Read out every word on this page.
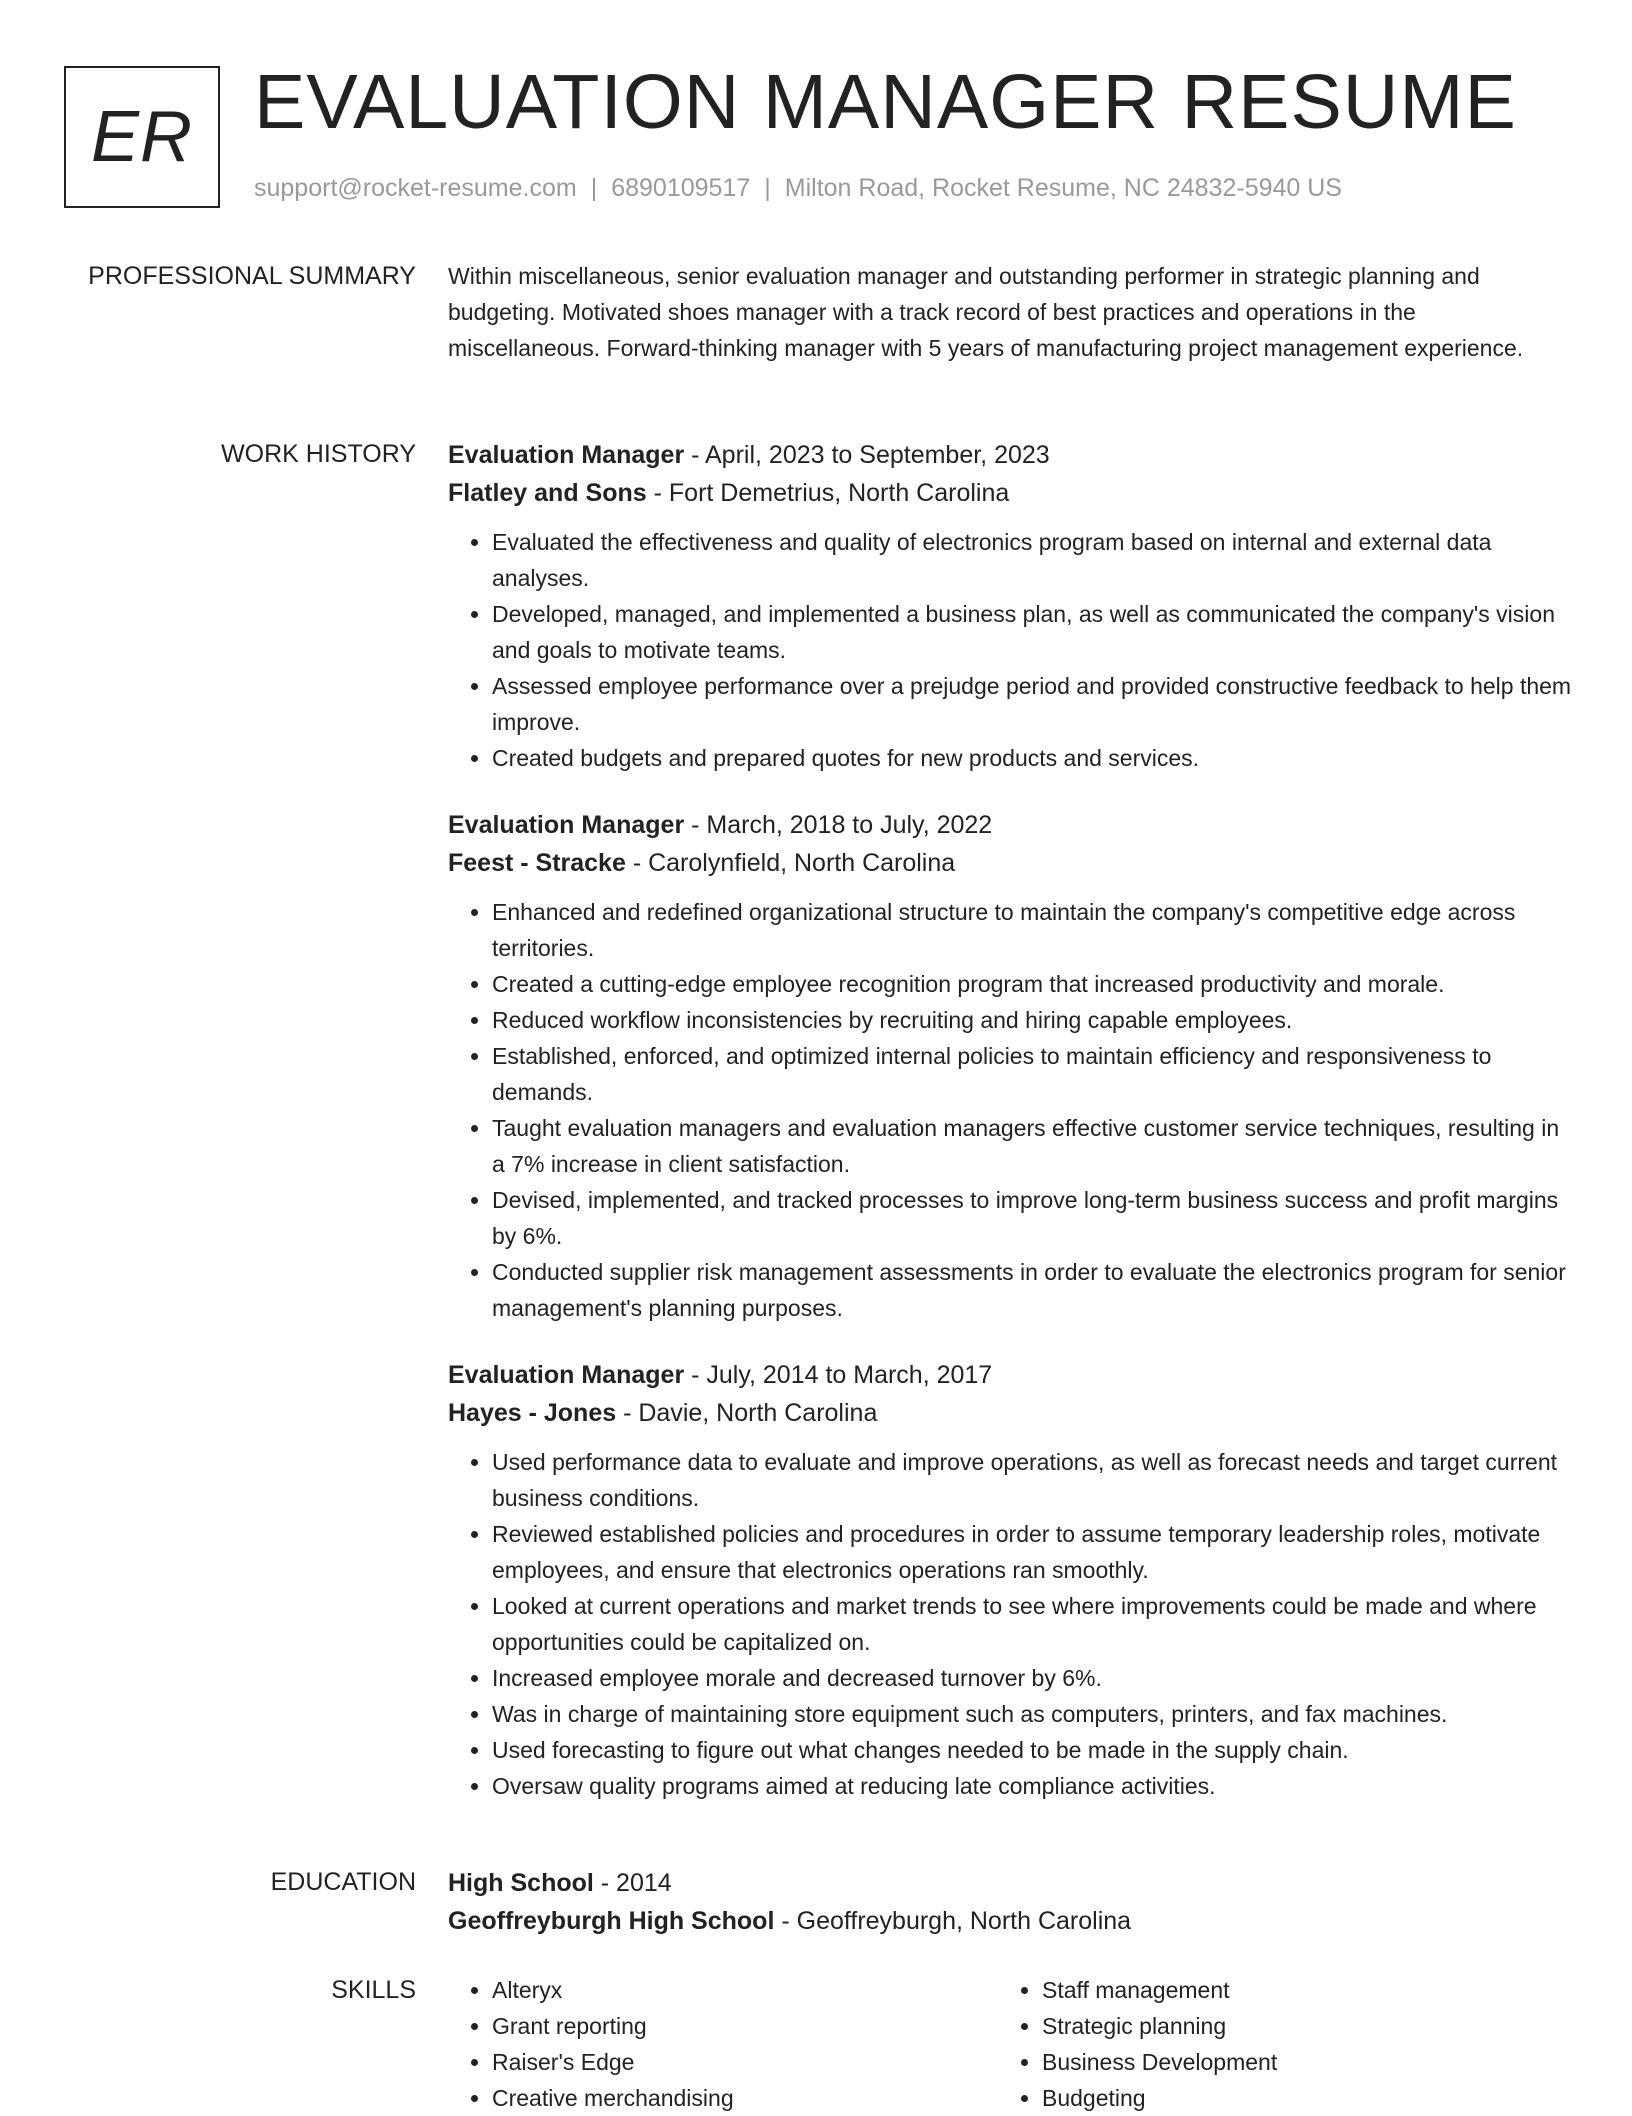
ER EVALUATION MANAGER RESUME
support@rocket-resume.com | 6890109517 | Milton Road, Rocket Resume, NC 24832-5940 US
PROFESSIONAL SUMMARY Within miscellaneous, senior evaluation manager and outstanding performer in strategic planning and budgeting. Motivated shoes manager with a track record of best practices and operations in the miscellaneous. Forward-thinking manager with 5 years of manufacturing project management experience.

WORK HISTORY Evaluation Manager - April, 2023 to September, 2023
Flatley and Sons - Fort Demetrius, North Carolina
• Evaluated the effectiveness and quality of electronics program based on internal and external data analyses.
• Developed, managed, and implemented a business plan, as well as communicated the company's vision and goals to motivate teams.
• Assessed employee performance over a prejudge period and provided constructive feedback to help them improve.
• Created budgets and prepared quotes for new products and services.
Evaluation Manager - March, 2018 to July, 2022
Feest - Stracke - Carolynfield, North Carolina
• Enhanced and redefined organizational structure to maintain the company's competitive edge across territories.
• Created a cutting-edge employee recognition program that increased productivity and morale.
• Reduced workflow inconsistencies by recruiting and hiring capable employees.
• Established, enforced, and optimized internal policies to maintain efficiency and responsiveness to demands.
• Taught evaluation managers and evaluation managers effective customer service techniques, resulting in a 7% increase in client satisfaction.
• Devised, implemented, and tracked processes to improve long-term business success and profit margins by 6%.
• Conducted supplier risk management assessments in order to evaluate the electronics program for senior management's planning purposes.
Evaluation Manager - July, 2014 to March, 2017
Hayes - Jones - Davie, North Carolina
• Used performance data to evaluate and improve operations, as well as forecast needs and target current business conditions.
• Reviewed established policies and procedures in order to assume temporary leadership roles, motivate employees, and ensure that electronics operations ran smoothly.
• Looked at current operations and market trends to see where improvements could be made and where opportunities could be capitalized on.
• Increased employee morale and decreased turnover by 6%.
• Was in charge of maintaining store equipment such as computers, printers, and fax machines.
• Used forecasting to figure out what changes needed to be made in the supply chain.
• Oversaw quality programs aimed at reducing late compliance activities.
EDUCATION High School - 2014
Geoffreyburgh High School - Geoffreyburgh, North Carolina
SKILLS
•	Alteryx
• Grant reporting
• Raiser's Edge
• Creative merchandising
• Staff management
• Strategic planning
• Business Development
• Budgeting
